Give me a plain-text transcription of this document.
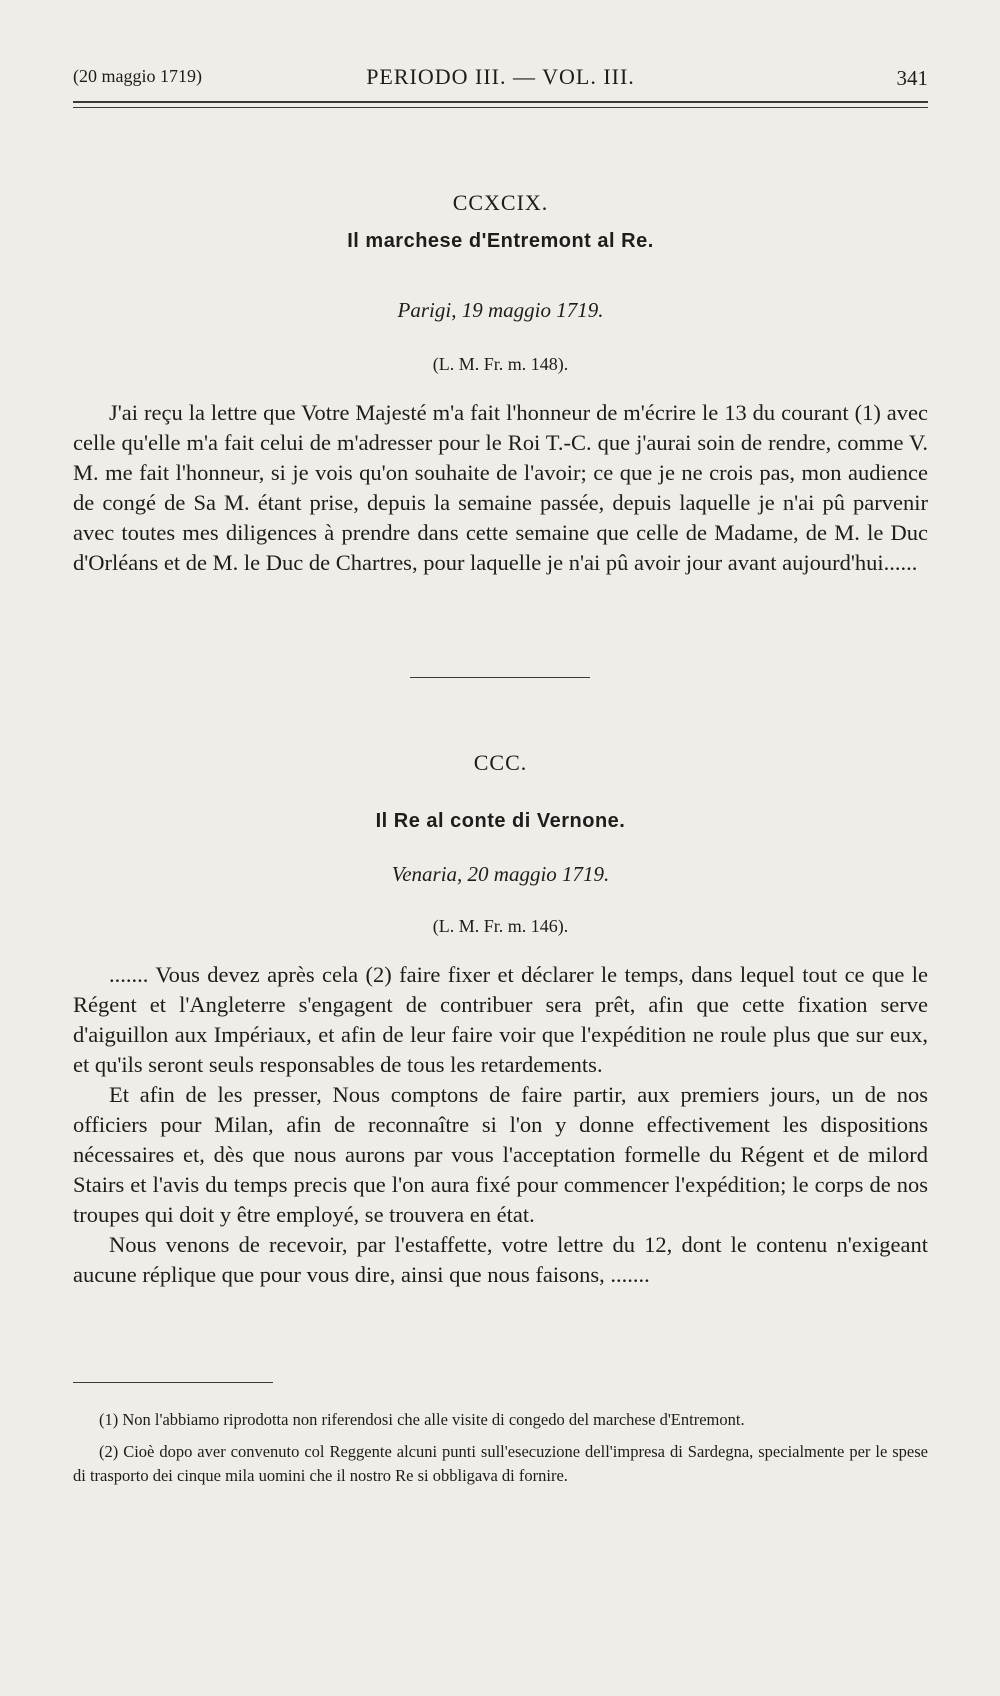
(20 maggio 1719)	PERIODO III. — VOL. III.	341
CCXCIX.
Il marchese d'Entremont al Re.
Parigi, 19 maggio 1719.
(L. M. Fr. m. 148).

J'ai reçu la lettre que Votre Majesté m'a fait l'honneur de m'écrire le 13 du courant (1) avec celle qu'elle m'a fait celui de m'adresser pour le Roi T.-C. que j'aurai soin de rendre, comme V. M. me fait l'honneur, si je vois qu'on souhaite de l'avoir; ce que je ne crois pas, mon audience de congé de Sa M. étant prise, depuis la semaine passée, depuis laquelle je n'ai pû parvenir avec toutes mes diligences à prendre dans cette semaine que celle de Madame, de M. le Duc d'Orléans et de M. le Duc de Chartres, pour laquelle je n'ai pû avoir jour avant aujourd'hui......

CCC.
Il Re al conte di Vernone.
Venaria, 20 maggio 1719.
(L. M. Fr. m. 146).

....... Vous devez après cela (2) faire fixer et déclarer le temps, dans lequel tout ce que le Régent et l'Angleterre s'engagent de contribuer sera prêt, afin que cette fixation serve d'aiguillon aux Impériaux, et afin de leur faire voir que l'expédition ne roule plus que sur eux, et qu'ils seront seuls responsables de tous les retardements.

Et afin de les presser, Nous comptons de faire partir, aux premiers jours, un de nos officiers pour Milan, afin de reconnaître si l'on y donne effectivement les dispositions nécessaires et, dès que nous aurons par vous l'acceptation formelle du Régent et de milord Stairs et l'avis du temps precis que l'on aura fixé pour commencer l'expédition; le corps de nos troupes qui doit y être employé, se trouvera en état.

Nous venons de recevoir, par l'estaffette, votre lettre du 12, dont le contenu n'exigeant aucune réplique que pour vous dire, ainsi que nous faisons, .......

(1) Non l'abbiamo riprodotta non riferendosi che alle visite di congedo del marchese d'Entremont.

(2) Cioè dopo aver convenuto col Reggente alcuni punti sull'esecuzione dell'impresa di Sardegna, specialmente per le spese di trasporto dei cinque mila uomini che il nostro Re si obbligava di fornire.
